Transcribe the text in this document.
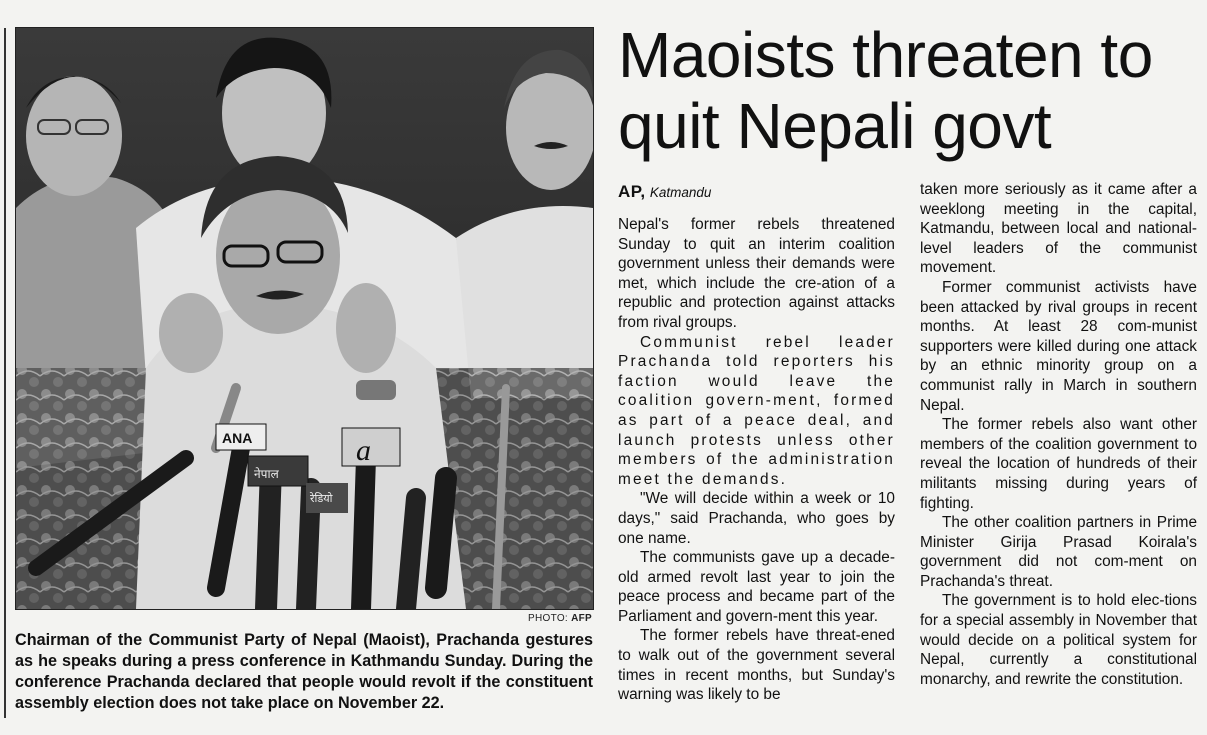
ANA	a
नेपाल
रेडियो
PHOTO: AFP
Chairman of the Communist Party of Nepal (Maoist), Prachanda gestures as he speaks during a press conference in Kathmandu Sunday. During the conference Prachanda declared that people would revolt if the constituent assembly election does not take place on November 22.
Maoists threaten to
quit Nepali govt
AP, Katmandu

Nepal's former rebels threatened Sunday to quit an interim coalition government unless their demands were met, which include the cre-ation of a republic and protection against attacks from rival groups.

Communist rebel leader Prachanda told reporters his faction would leave the coalition govern-ment, formed as part of a peace deal, and launch protests unless other members of the administration meet the demands.

"We will decide within a week or 10 days," said Prachanda, who goes by one name.

The communists gave up a decade-old armed revolt last year to join the peace process and became part of the Parliament and govern-ment this year.

The former rebels have threat-ened to walk out of the government several times in recent months, but Sunday's warning was likely to be

taken more seriously as it came after a weeklong meeting in the capital, Katmandu, between local and national-level leaders of the communist movement.

Former communist activists have been attacked by rival groups in recent months. At least 28 com-munist supporters were killed during one attack by an ethnic minority group on a communist rally in March in southern Nepal.

The former rebels also want other members of the coalition government to reveal the location of hundreds of their militants missing during years of fighting.

The other coalition partners in Prime Minister Girija Prasad Koirala's government did not com-ment on Prachanda's threat.

The government is to hold elec-tions for a special assembly in November that would decide on a political system for Nepal, currently a constitutional monarchy, and rewrite the constitution.
